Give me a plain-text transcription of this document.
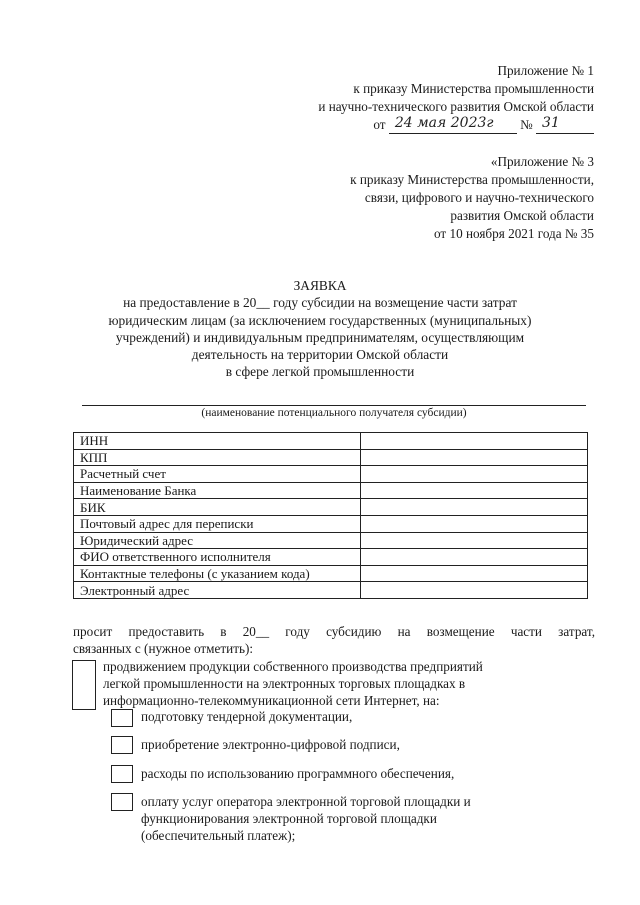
Приложение № 1
к приказу Министерства промышленности
и научно-технического развития Омской области
от 24 мая 2023г № 31
«Приложение № 3
к приказу Министерства промышленности,
связи, цифрового и научно-технического
развития Омской области
от 10 ноября 2021 года № 35
ЗАЯВКА
на предоставление в 20__ году субсидии на возмещение части затрат
юридическим лицам (за исключением государственных (муниципальных)
учреждений) и индивидуальным предпринимателям, осуществляющим
деятельность на территории Омской области
в сфере легкой промышленности
(наименование потенциального получателя субсидии)
ИНН	
КПП	
Расчетный счет	
Наименование Банка	
БИК	
Почтовый адрес для переписки	
Юридический адрес	
ФИО ответственного исполнителя	
Контактные телефоны (с указанием кода)	
Электронный адрес	
просит предоставить в 20__ году субсидию на возмещение части затрат,
связанных с (нужное отметить):
продвижением продукции собственного производства предприятий
легкой промышленности на электронных торговых площадках в
информационно-телекоммуникационной сети Интернет, на:
подготовку тендерной документации,
приобретение электронно-цифровой подписи,
расходы по использованию программного обеспечения,
оплату услуг оператора электронной торговой площадки и
функционирования электронной торговой площадки
(обеспечительный платеж);
